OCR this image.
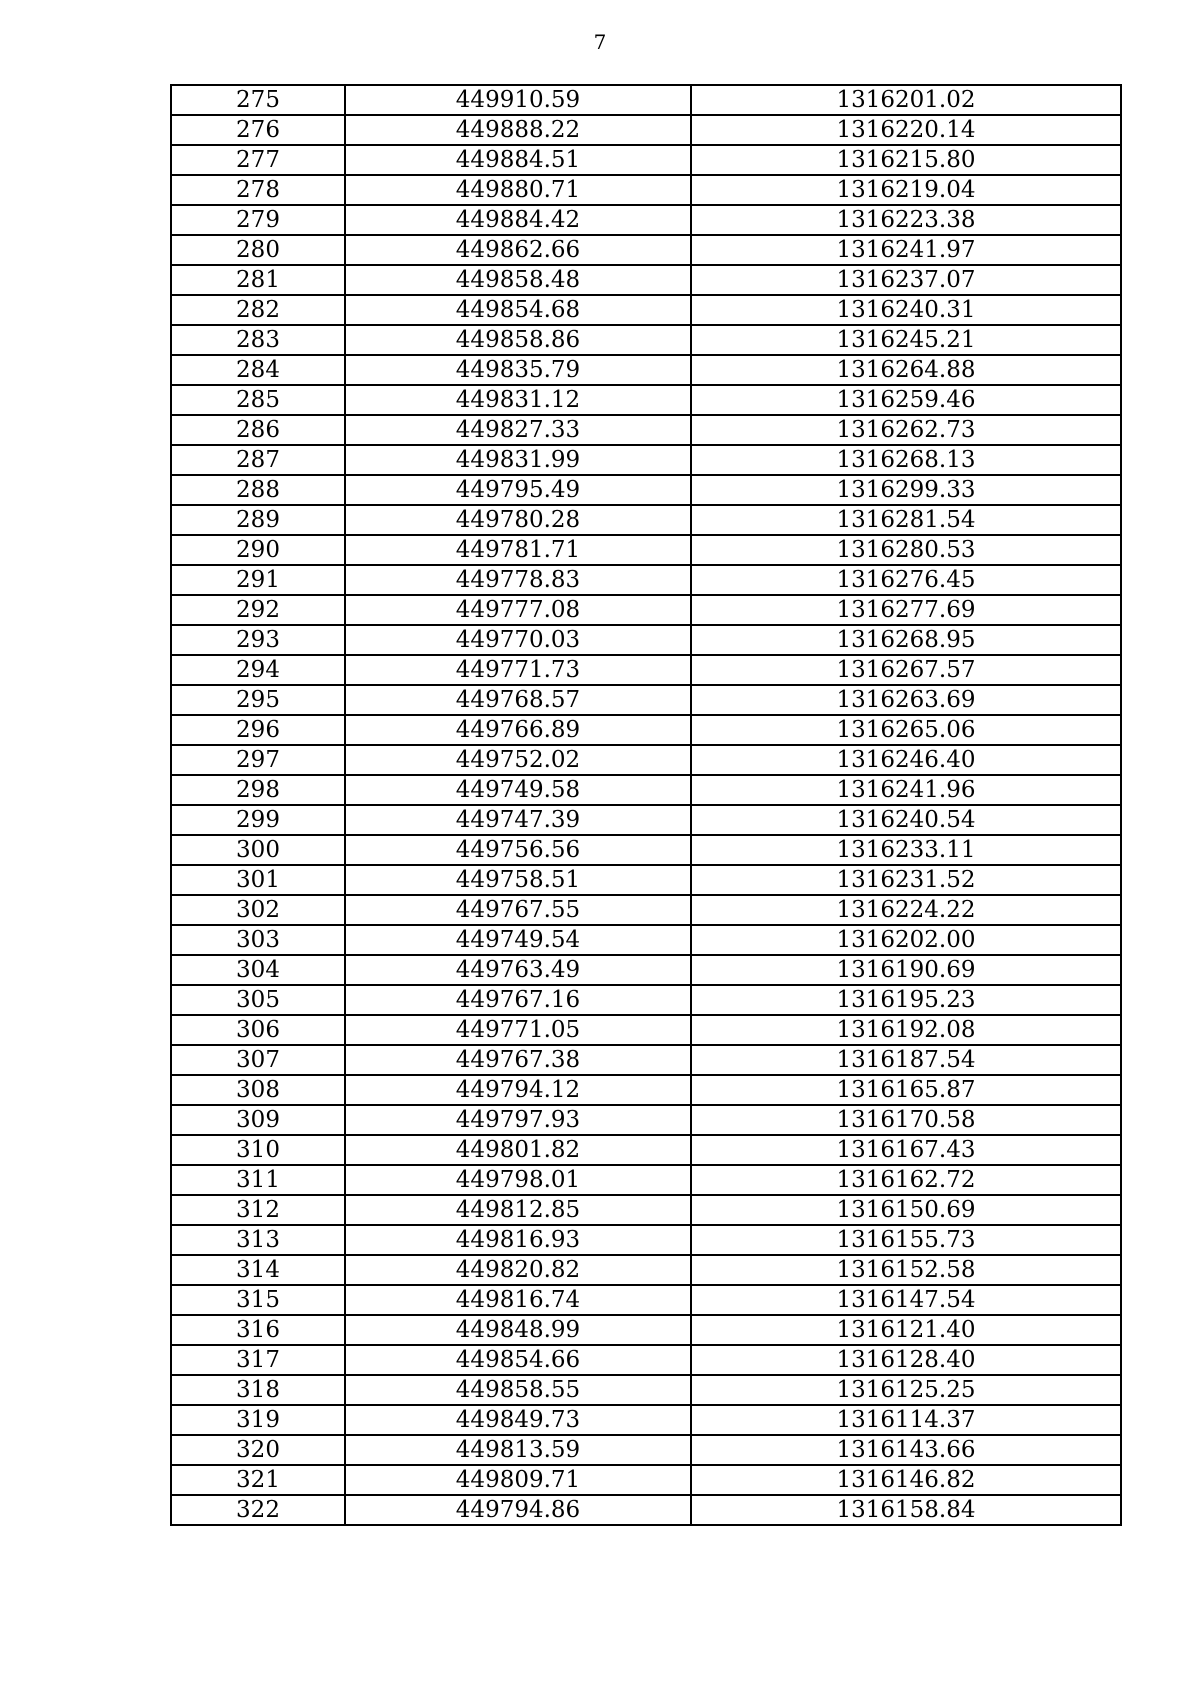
7
275	449910.59	1316201.02
276	449888.22	1316220.14
277	449884.51	1316215.80
278	449880.71	1316219.04
279	449884.42	1316223.38
280	449862.66	1316241.97
281	449858.48	1316237.07
282	449854.68	1316240.31
283	449858.86	1316245.21
284	449835.79	1316264.88
285	449831.12	1316259.46
286	449827.33	1316262.73
287	449831.99	1316268.13
288	449795.49	1316299.33
289	449780.28	1316281.54
290	449781.71	1316280.53
291	449778.83	1316276.45
292	449777.08	1316277.69
293	449770.03	1316268.95
294	449771.73	1316267.57
295	449768.57	1316263.69
296	449766.89	1316265.06
297	449752.02	1316246.40
298	449749.58	1316241.96
299	449747.39	1316240.54
300	449756.56	1316233.11
301	449758.51	1316231.52
302	449767.55	1316224.22
303	449749.54	1316202.00
304	449763.49	1316190.69
305	449767.16	1316195.23
306	449771.05	1316192.08
307	449767.38	1316187.54
308	449794.12	1316165.87
309	449797.93	1316170.58
310	449801.82	1316167.43
311	449798.01	1316162.72
312	449812.85	1316150.69
313	449816.93	1316155.73
314	449820.82	1316152.58
315	449816.74	1316147.54
316	449848.99	1316121.40
317	449854.66	1316128.40
318	449858.55	1316125.25
319	449849.73	1316114.37
320	449813.59	1316143.66
321	449809.71	1316146.82
322	449794.86	1316158.84
